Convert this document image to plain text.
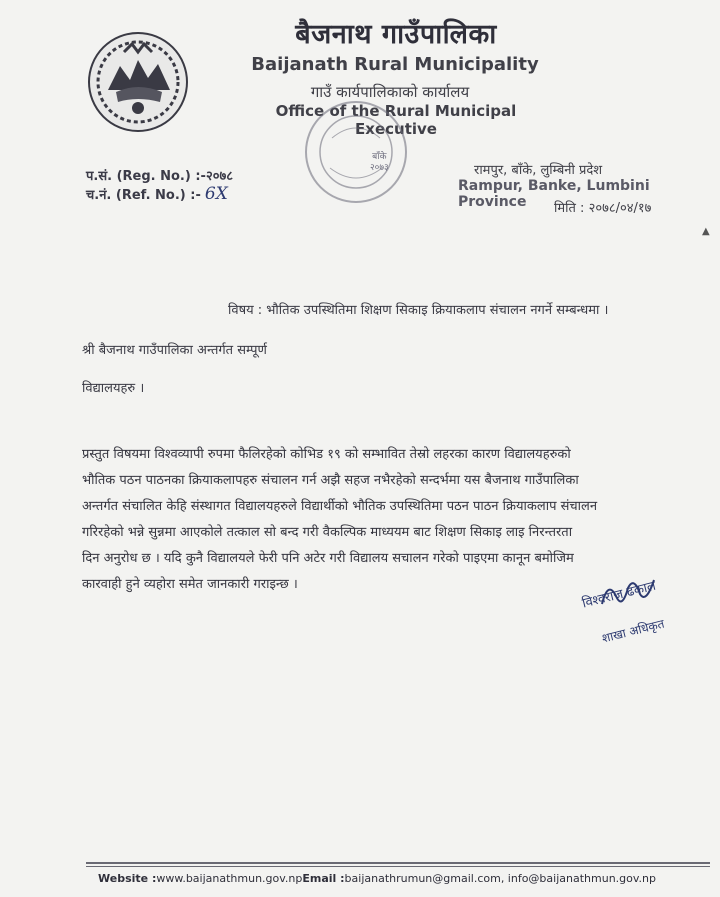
बैजनाथ गाउँपालिका
Baijanath Rural Municipality
गाउँ कार्यपालिकाको कार्यालय
Office of the Rural Municipal Executive
बाँके
२०७३
प.सं. (Reg. No.) :-२०७८
च.नं. (Ref. No.) :- 6X
रामपुर, बाँके, लुम्बिनी प्रदेश
Rampur, Banke, Lumbini Province	मिति : २०७८/०४/१७
▲
विषय : भौतिक उपस्थितिमा शिक्षण सिकाइ क्रियाकलाप संचालन नगर्ने सम्बन्धमा ।
श्री बैजनाथ गाउँपालिका अन्तर्गत सम्पूर्ण
विद्यालयहरु ।
प्रस्तुत विषयमा विश्वव्यापी रुपमा फैलिरहेको कोभिड १९ को सम्भावित तेस्रो लहरका कारण विद्यालयहरुको
भौतिक पठन पाठनका क्रियाकलापहरु संचालन गर्न अझै सहज नभैरहेको सन्दर्भमा यस बैजनाथ गाउँपालिका
अन्तर्गत संचालित केहि संस्थागत विद्यालयहरुले विद्यार्थीको भौतिक उपस्थितिमा पठन पाठन क्रियाकलाप संचालन
गरिरहेको भन्ने सुन्नमा आएकोले तत्काल सो बन्द गरी वैकल्पिक माध्ययम बाट शिक्षण सिकाइ लाइ निरन्तरता
दिन अनुरोध छ । यदि कुनै विद्यालयले फेरी पनि अटेर गरी विद्यालय सचालन गरेको पाइएमा कानून बमोजिम
कारवाही हुने व्यहोरा समेत जानकारी गराइन्छ ।	विश्वराज ढकाल
शाखा अधिकृत
Website :www.baijanathmun.gov.npEmail :baijanathrumun@gmail.com, info@baijanathmun.gov.np
